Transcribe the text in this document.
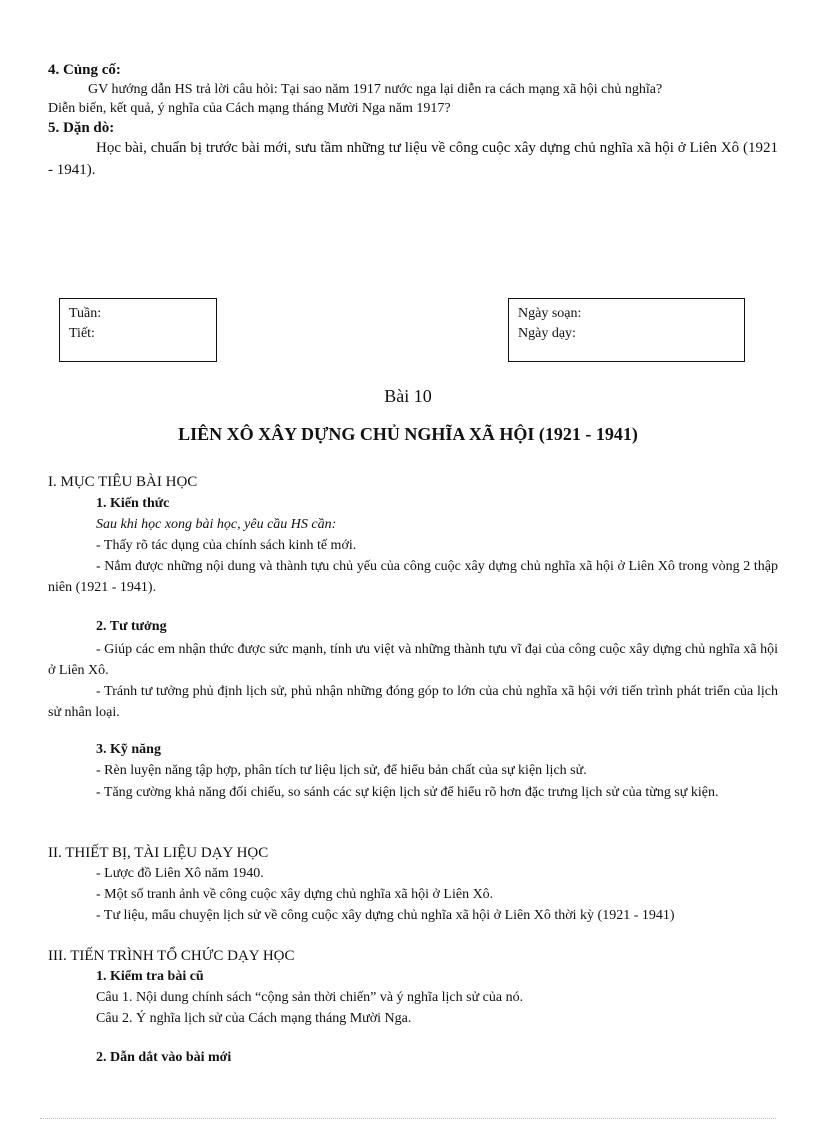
4. Củng cố:
GV hướng dẫn HS trả lời câu hỏi: Tại sao năm 1917 nước nga lại diễn ra cách mạng xã hội chủ nghĩa?
Diễn biến, kết quả, ý nghĩa của Cách mạng tháng Mười Nga năm 1917?
5. Dặn dò:
Học bài, chuẩn bị trước bài mới, sưu tầm những tư liệu về công cuộc xây dựng chủ nghĩa xã hội ở Liên Xô (1921 - 1941).
Tuần:
Tiết:
Ngày soạn:
Ngày dạy:
Bài 10
LIÊN XÔ XÂY DỰNG CHỦ NGHĨA XÃ HỘI (1921 - 1941)
I. MỤC TIÊU BÀI HỌC
1. Kiến thức
Sau khi học xong bài học, yêu cầu HS cần:
- Thấy rõ tác dụng của chính sách kinh tế mới.
- Nắm được những nội dung và thành tựu chủ yếu của công cuộc xây dựng chủ nghĩa xã hội ở Liên Xô trong vòng 2 thập niên (1921 - 1941).
2. Tư tưởng
- Giúp các em nhận thức được sức mạnh, tính ưu việt và những thành tựu vĩ đại của công cuộc xây dựng chủ nghĩa xã hội ở Liên Xô.
- Tránh tư tưởng phủ định lịch sử, phủ nhận những đóng góp to lớn của chủ nghĩa xã hội với tiến trình phát triển của lịch sử nhân loại.
3. Kỹ năng
- Rèn luyện năng tập hợp, phân tích tư liệu lịch sử, để hiểu bản chất của sự kiện lịch sử.
- Tăng cường khả năng đối chiếu, so sánh các sự kiện lịch sử để hiểu rõ hơn đặc trưng lịch sử của từng sự kiện.
II. THIẾT BỊ, TÀI LIỆU DẠY HỌC
- Lược đồ Liên Xô năm 1940.
- Một số tranh ảnh về công cuộc xây dựng chủ nghĩa xã hội ở Liên Xô.
- Tư liệu, mẩu chuyện lịch sử về công cuộc xây dựng chủ nghĩa xã hội ở Liên Xô thời kỳ (1921 - 1941)
III. TIẾN TRÌNH TỔ CHỨC DẠY HỌC
1. Kiểm tra bài cũ
Câu 1. Nội dung chính sách “cộng sản thời chiến” và ý nghĩa lịch sử của nó.
Câu 2. Ý nghĩa lịch sử của Cách mạng tháng Mười Nga.
2. Dẫn dắt vào bài mới
